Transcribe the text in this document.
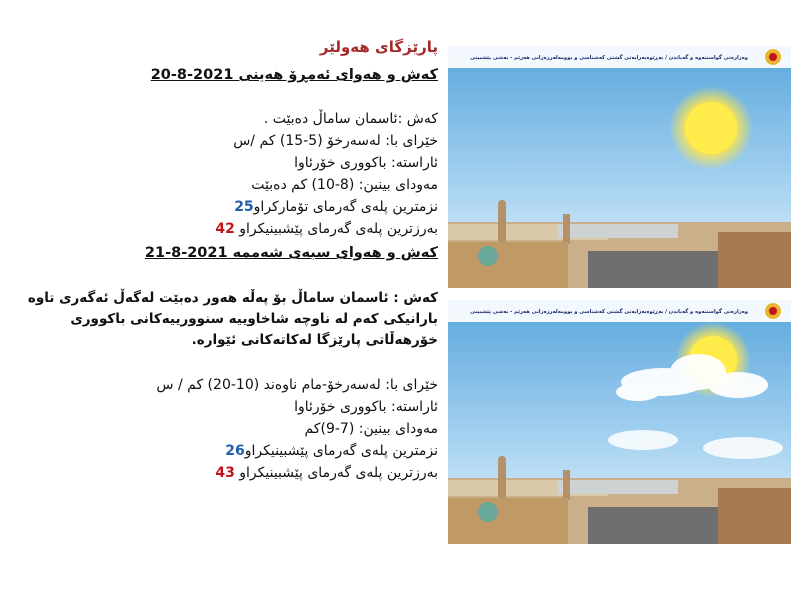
پارێزگای هەولێر
کەش و هەوای ئەمڕۆ هەینی 2021-8-20
کەش :ئاسمان ساماڵ دەبێت .
خێرای با: لەسەرخۆ (5-15) کم /س
ئاراستە: باکووری خۆرئاوا
مەودای بینین: (8-10) کم دەبێت
نزمترین پلەی گەرمای تۆمارکراو25
بەرزترین پلەی گەرمای پێشبینیکراو 42
کەش و هەوای سبەی شەممە 2021-8-21
کەش : ئاسمان ساماڵ بۆ پەڵە هەور دەبێت لەگەڵ ئەگەری تاوە بارانیکی کەم لە ناوچە شاخاوییە سنوورییەکانی باکووری خۆرهەڵاتی پارێزگا لەکاتەکانی ئێوارە.
خێرای با: لەسەرخۆ-مام ناوەند (10-20) کم / س
ئاراستە: باکووری خۆرئاوا
مەودای بینین: (7-9)کم
نزمترین پلەی گەرمای پێشبینیکراو26
بەرزترین پلەی گەرمای پێشبینیکراو 43
وەزارەتی گواستنەوە و گەیاندن / بەڕێوەبەرایەتی گشتی کەشناسی و بوومەلەرزەزانی هەرێم - بەشی پێشبینی
وەزارەتی گواستنەوە و گەیاندن / بەڕێوەبەرایەتی گشتی کەشناسی و بوومەلەرزەزانی هەرێم - بەشی پێشبینی
